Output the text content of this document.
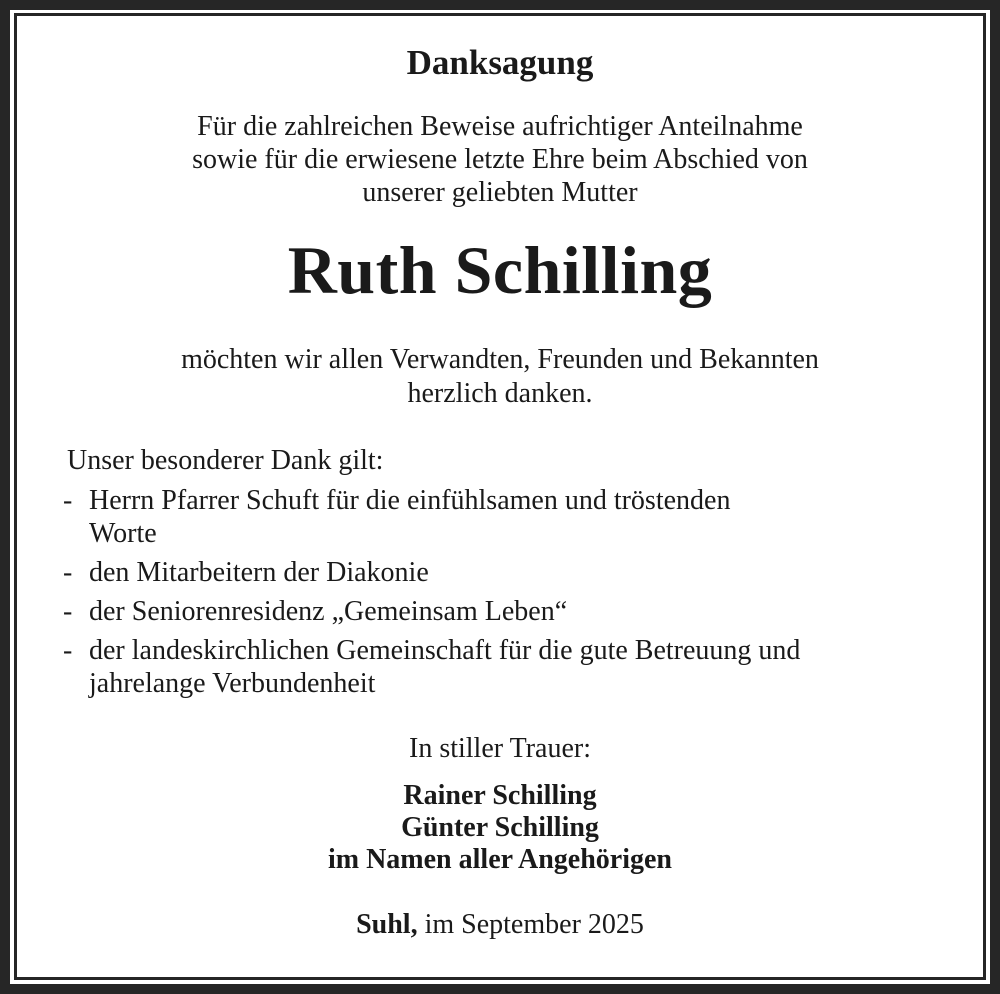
Danksagung
Für die zahlreichen Beweise aufrichtiger Anteilnahme
sowie für die erwiesene letzte Ehre beim Abschied von
unserer geliebten Mutter
Ruth Schilling
möchten wir allen Verwandten, Freunden und Bekannten
herzlich danken.

Unser besonderer Dank gilt:

- Herrn Pfarrer Schuft für die einfühlsamen und tröstenden
Worte
- den Mitarbeitern der Diakonie
- der Seniorenresidenz „Gemeinsam Leben“
- der landeskirchlichen Gemeinschaft für die gute Betreuung und
jahrelange Verbundenheit
In stiller Trauer:
Rainer Schilling
Günter Schilling
im Namen aller Angehörigen
Suhl, im September 2025
